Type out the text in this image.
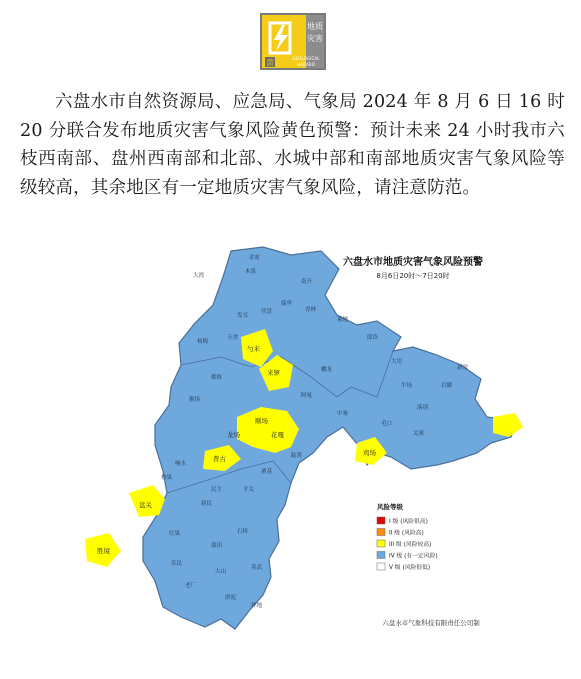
黄
地质
灾害
GEOLOGICAL
HAZARD

六盘水市自然资源局、应急局、气象局 2024 年 8 月 6 日 16 时 20 分联合发布地质灾害气象风险黄色预警：预计未来 24 小时我市六枝西南部、盘州西南部和北部、水城中部和南部地质灾害气象风险等级较高，其余地区有一定地质灾害气象风险，请注意防范。

六盘水市地质灾害气象风险预警
8月6日20时～7日20时
勺米
米箩
顺场
龙场	花嘎
普古
盘关
胜境
鸡场
金盆
大湾
木果
保华
南开
玉舍
杨梅
青林
营盘
发耳
都格
阿戛
猴场
蟠龙
董地
郎岱
大用
牛场
落别
岩脚
新窑
关寨
毛口
中寨
陡箐
洒基
响水
柏果
新民
红果	石桥
保田
大山
英武
老厂
淤泥
平关
民主
乐民
坪地
风险等级
I 级 (风险很高)
II 级 (风险高)
III 级 (风险较高)
IV 级 (有一定风险)
V 级 (风险很低)
六盘水市气象科技有限责任公司制
